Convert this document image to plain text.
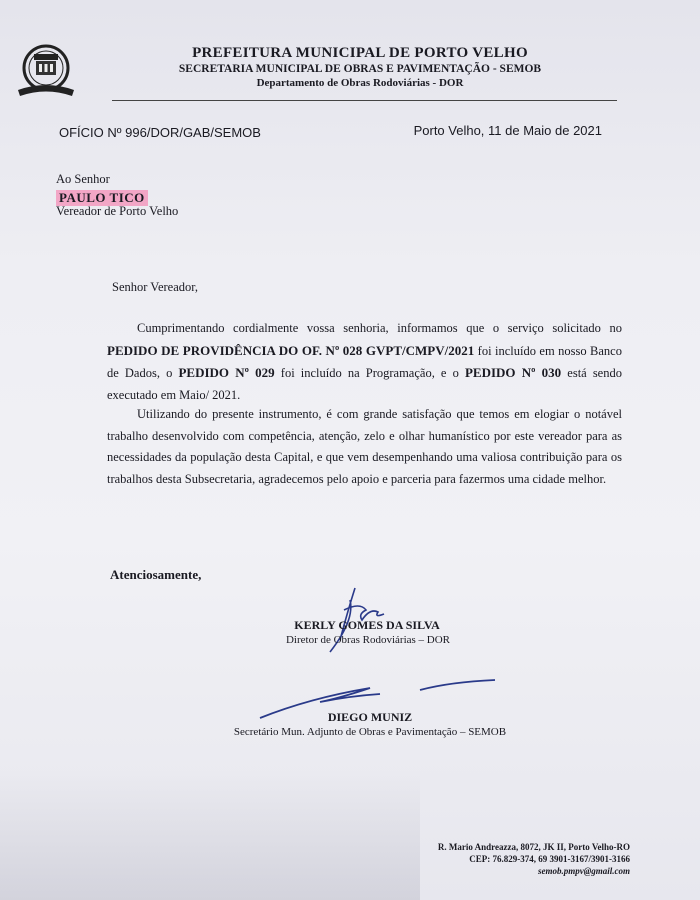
PREFEITURA MUNICIPAL DE PORTO VELHO
SECRETARIA MUNICIPAL DE OBRAS E PAVIMENTAÇÃO - SEMOB
Departamento de Obras Rodoviárias - DOR
OFÍCIO Nº 996/DOR/GAB/SEMOB	Porto Velho, 11 de Maio de 2021
Ao Senhor
PAULO TICO
Vereador de Porto Velho
Senhor Vereador,
Cumprimentando cordialmente vossa senhoria, informamos que o serviço solicitado no PEDIDO DE PROVIDÊNCIA DO OF. Nº 028 GVPT/CMPV/2021 foi incluído em nosso Banco de Dados, o PEDIDO Nº 029 foi incluído na Programação, e o PEDIDO Nº 030 está sendo executado em Maio/ 2021.
Utilizando do presente instrumento, é com grande satisfação que temos em elogiar o notável trabalho desenvolvido com competência, atenção, zelo e olhar humanístico por este vereador para as necessidades da população desta Capital, e que vem desempenhando uma valiosa contribuição para os trabalhos desta Subsecretaria, agradecemos pelo apoio e parceria para fazermos uma cidade melhor.
Atenciosamente,
KERLY GOMES DA SILVA
Diretor de Obras Rodoviárias – DOR
DIEGO MUNIZ
Secretário Mun. Adjunto de Obras e Pavimentação – SEMOB
R. Mario Andreazza, 8072, JK II, Porto Velho-RO
CEP: 76.829-374, 69 3901-3167/3901-3166
semob.pmpv@gmail.com
